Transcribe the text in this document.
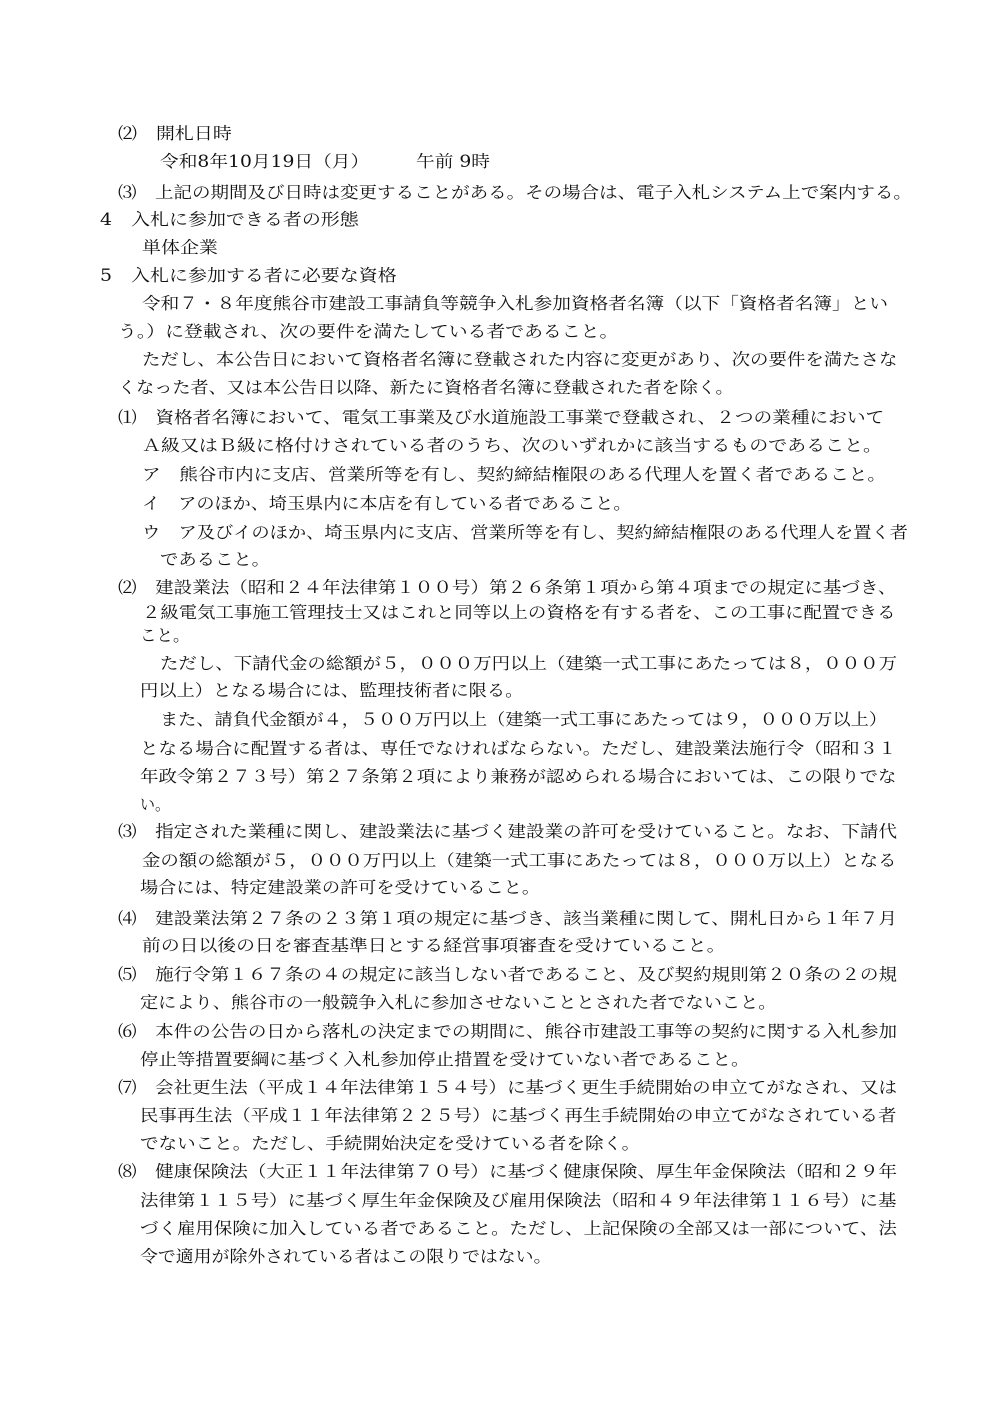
⑵　開札日時
令和8年10月19日（月）　　　午前 9時
⑶　上記の期間及び日時は変更することがある。その場合は、電子入札システム上で案内する。
4　入札に参加できる者の形態
単体企業
5　入札に参加する者に必要な資格
令和７・８年度熊谷市建設工事請負等競争入札参加資格者名簿（以下「資格者名簿」とい
う。）に登載され、次の要件を満たしている者であること。
ただし、本公告日において資格者名簿に登載された内容に変更があり、次の要件を満たさな
くなった者、又は本公告日以降、新たに資格者名簿に登載された者を除く。
⑴　資格者名簿において、電気工事業及び水道施設工事業で登載され、２つの業種において
Ａ級又はＢ級に格付けされている者のうち、次のいずれかに該当するものであること。
ア　熊谷市内に支店、営業所等を有し、契約締結権限のある代理人を置く者であること。
イ　アのほか、埼玉県内に本店を有している者であること。
ウ　ア及びイのほか、埼玉県内に支店、営業所等を有し、契約締結権限のある代理人を置く者
であること。
⑵　建設業法（昭和２４年法律第１００号）第２６条第１項から第４項までの規定に基づき、
２級電気工事施工管理技士又はこれと同等以上の資格を有する者を、この工事に配置できる
こと。
ただし、下請代金の総額が５，０００万円以上（建築一式工事にあたっては８，０００万
円以上）となる場合には、監理技術者に限る。
また、請負代金額が４，５００万円以上（建築一式工事にあたっては９，０００万以上）
となる場合に配置する者は、専任でなければならない。ただし、建設業法施行令（昭和３１
年政令第２７３号）第２７条第２項により兼務が認められる場合においては、この限りでな
い。
⑶　指定された業種に関し、建設業法に基づく建設業の許可を受けていること。なお、下請代
金の額の総額が５，０００万円以上（建築一式工事にあたっては８，０００万以上）となる
場合には、特定建設業の許可を受けていること。
⑷　建設業法第２７条の２３第１項の規定に基づき、該当業種に関して、開札日から１年７月
前の日以後の日を審査基準日とする経営事項審査を受けていること。
⑸　施行令第１６７条の４の規定に該当しない者であること、及び契約規則第２０条の２の規
定により、熊谷市の一般競争入札に参加させないこととされた者でないこと。
⑹　本件の公告の日から落札の決定までの期間に、熊谷市建設工事等の契約に関する入札参加
停止等措置要綱に基づく入札参加停止措置を受けていない者であること。
⑺　会社更生法（平成１４年法律第１５４号）に基づく更生手続開始の申立てがなされ、又は
民事再生法（平成１１年法律第２２５号）に基づく再生手続開始の申立てがなされている者
でないこと。ただし、手続開始決定を受けている者を除く。
⑻　健康保険法（大正１１年法律第７０号）に基づく健康保険、厚生年金保険法（昭和２９年
法律第１１５号）に基づく厚生年金保険及び雇用保険法（昭和４９年法律第１１６号）に基
づく雇用保険に加入している者であること。ただし、上記保険の全部又は一部について、法
令で適用が除外されている者はこの限りではない。
